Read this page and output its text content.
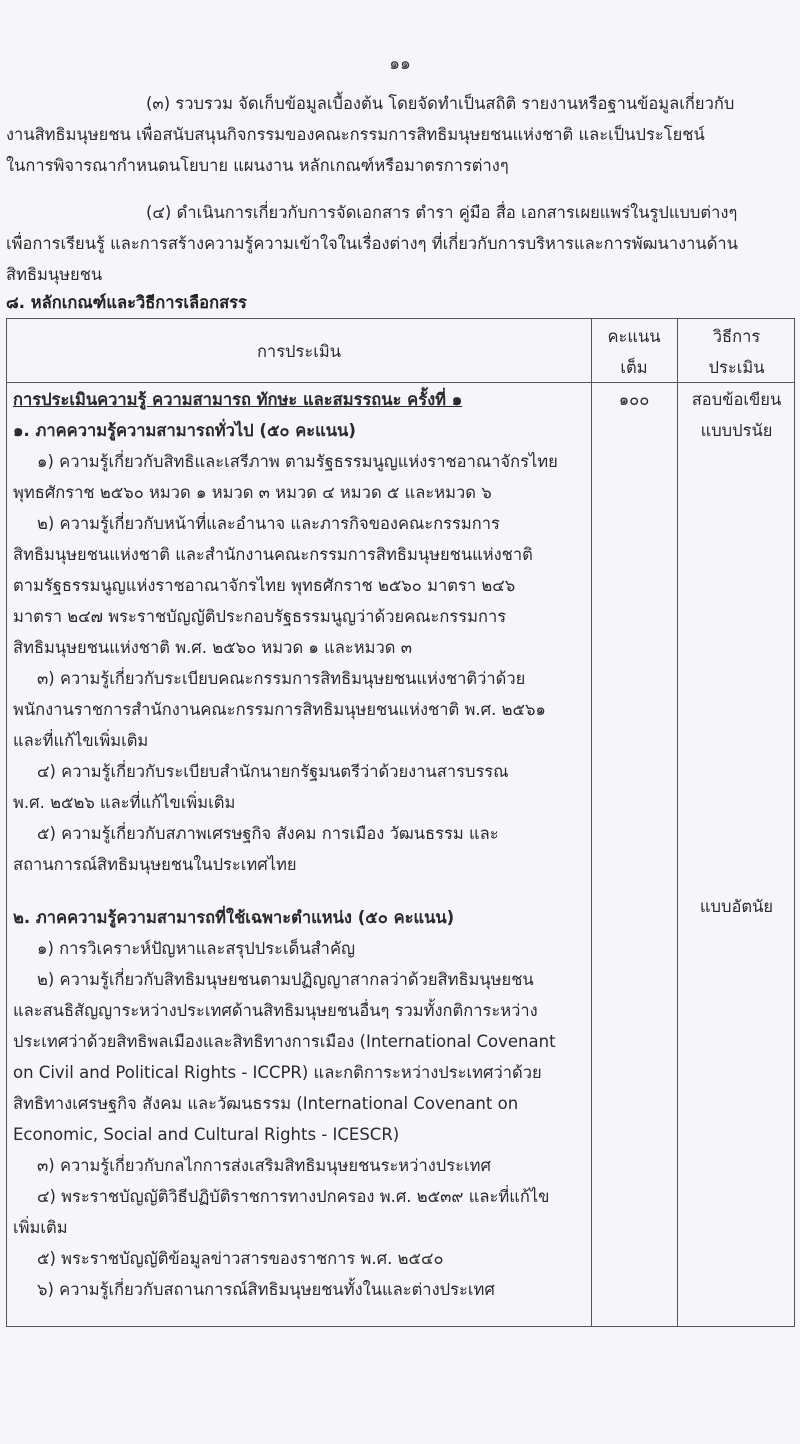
๑๑
(๓) รวบรวม จัดเก็บข้อมูลเบื้องต้น โดยจัดทำเป็นสถิติ รายงานหรือฐานข้อมูลเกี่ยวกับ
งานสิทธิมนุษยชน เพื่อสนับสนุนกิจกรรมของคณะกรรมการสิทธิมนุษยชนแห่งชาติ และเป็นประโยชน์
ในการพิจารณากำหนดนโยบาย แผนงาน หลักเกณฑ์หรือมาตรการต่างๆ
(๔) ดำเนินการเกี่ยวกับการจัดเอกสาร ตำรา คู่มือ สื่อ เอกสารเผยแพร่ในรูปแบบต่างๆ
เพื่อการเรียนรู้ และการสร้างความรู้ความเข้าใจในเรื่องต่างๆ ที่เกี่ยวกับการบริหารและการพัฒนางานด้าน
สิทธิมนุษยชน
๘. หลักเกณฑ์และวิธีการเลือกสรร
การประเมิน
คะแนน
เต็ม
วิธีการ
ประเมิน
การประเมินความรู้ ความสามารถ ทักษะ และสมรรถนะ ครั้งที่ ๑
๑. ภาคความรู้ความสามารถทั่วไป (๕๐ คะแนน)
๑) ความรู้เกี่ยวกับสิทธิและเสรีภาพ ตามรัฐธรรมนูญแห่งราชอาณาจักรไทย
พุทธศักราช ๒๕๖๐ หมวด ๑ หมวด ๓ หมวด ๔ หมวด ๕ และหมวด ๖
๒) ความรู้เกี่ยวกับหน้าที่และอำนาจ และภารกิจของคณะกรรมการ
สิทธิมนุษยชนแห่งชาติ และสำนักงานคณะกรรมการสิทธิมนุษยชนแห่งชาติ
ตามรัฐธรรมนูญแห่งราชอาณาจักรไทย พุทธศักราช ๒๕๖๐ มาตรา ๒๔๖
มาตรา ๒๔๗ พระราชบัญญัติประกอบรัฐธรรมนูญว่าด้วยคณะกรรมการ
สิทธิมนุษยชนแห่งชาติ พ.ศ. ๒๕๖๐ หมวด ๑ และหมวด ๓
๓) ความรู้เกี่ยวกับระเบียบคณะกรรมการสิทธิมนุษยชนแห่งชาติว่าด้วย
พนักงานราชการสำนักงานคณะกรรมการสิทธิมนุษยชนแห่งชาติ พ.ศ. ๒๕๖๑
และที่แก้ไขเพิ่มเติม
๔) ความรู้เกี่ยวกับระเบียบสำนักนายกรัฐมนตรีว่าด้วยงานสารบรรณ
พ.ศ. ๒๕๒๖ และที่แก้ไขเพิ่มเติม
๕) ความรู้เกี่ยวกับสภาพเศรษฐกิจ สังคม การเมือง วัฒนธรรม และ
สถานการณ์สิทธิมนุษยชนในประเทศไทย
๒. ภาคความรู้ความสามารถที่ใช้เฉพาะตำแหน่ง (๕๐ คะแนน)
๑) การวิเคราะห์ปัญหาและสรุปประเด็นสำคัญ
๒) ความรู้เกี่ยวกับสิทธิมนุษยชนตามปฏิญญาสากลว่าด้วยสิทธิมนุษยชน
และสนธิสัญญาระหว่างประเทศด้านสิทธิมนุษยชนอื่นๆ รวมทั้งกติการะหว่าง
ประเทศว่าด้วยสิทธิพลเมืองและสิทธิทางการเมือง (International Covenant
on Civil and Political Rights - ICCPR) และกติการะหว่างประเทศว่าด้วย
สิทธิทางเศรษฐกิจ สังคม และวัฒนธรรม (International Covenant on
Economic, Social and Cultural Rights - ICESCR)
๓) ความรู้เกี่ยวกับกลไกการส่งเสริมสิทธิมนุษยชนระหว่างประเทศ
๔) พระราชบัญญัติวิธีปฏิบัติราชการทางปกครอง พ.ศ. ๒๕๓๙ และที่แก้ไข
เพิ่มเติม
๕) พระราชบัญญัติข้อมูลข่าวสารของราชการ พ.ศ. ๒๕๔๐
๖) ความรู้เกี่ยวกับสถานการณ์สิทธิมนุษยชนทั้งในและต่างประเทศ
๑๐๐	สอบข้อเขียน
แบบปรนัย
แบบอัตนัย
